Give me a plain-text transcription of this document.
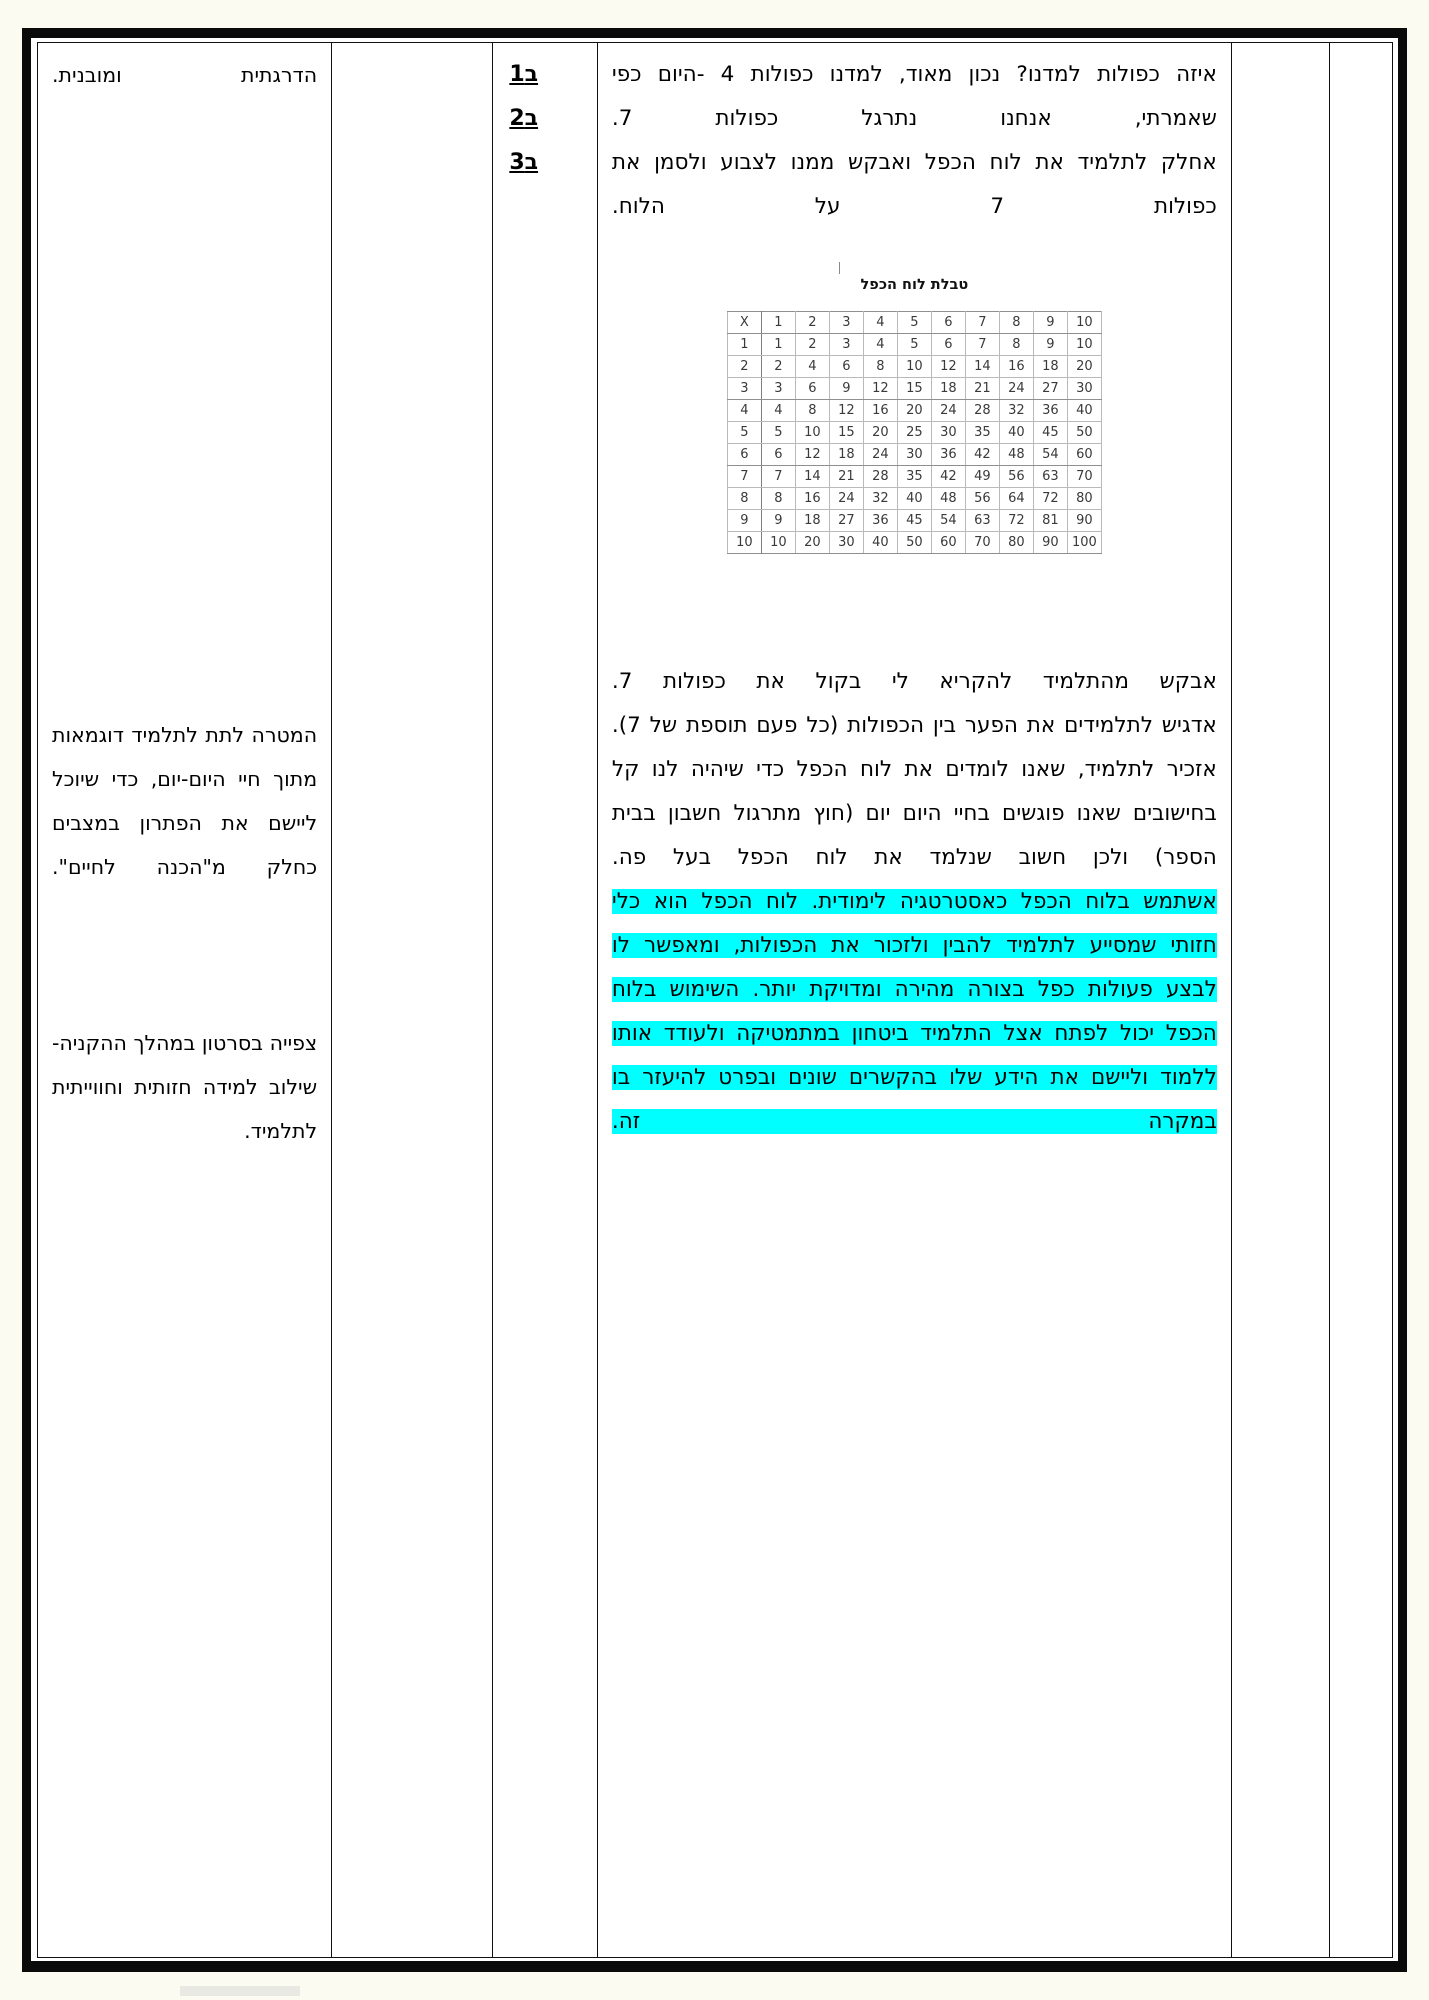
איזה כפולות למדנו? נכון מאוד, למדנו כפולות 4 -היום כפי שאמרתי, אנחנו נתרגל כפולות 7.

אחלק לתלמיד את לוח הכפל ואבקש ממנו לצבוע ולסמן את כפולות 7 על הלוח.

טבלת לוח הכפל
X	1	2	3	4	5	6	7	8	9	10
1	1	2	3	4	5	6	7	8	9	10
2	2	4	6	8	10	12	14	16	18	20
3	3	6	9	12	15	18	21	24	27	30
4	4	8	12	16	20	24	28	32	36	40
5	5	10	15	20	25	30	35	40	45	50
6	6	12	18	24	30	36	42	48	54	60
7	7	14	21	28	35	42	49	56	63	70
8	8	16	24	32	40	48	56	64	72	80
9	9	18	27	36	45	54	63	72	81	90
10	10	20	30	40	50	60	70	80	90	100

אבקש מהתלמיד להקריא לי בקול את כפולות 7.

אדגיש לתלמידים את הפער בין הכפולות (כל פעם תוספת של 7).

אזכיר לתלמיד, שאנו לומדים את לוח הכפל כדי שיהיה לנו קל בחישובים שאנו פוגשים בחיי היום יום (חוץ מתרגול חשבון בבית הספר) ולכן חשוב שנלמד את לוח הכפל בעל פה.

אשתמש בלוח הכפל כאסטרטגיה לימודית. לוח הכפל הוא כלי חזותי שמסייע לתלמיד להבין ולזכור את הכפולות, ומאפשר לו לבצע פעולות כפל בצורה מהירה ומדויקת יותר. השימוש בלוח הכפל יכול לפתח אצל התלמיד ביטחון במתמטיקה ולעודד אותו ללמוד וליישם את הידע שלו בהקשרים שונים ובפרט להיעזר בו במקרה זה.

ב1
ב2
ב3

הדרגתית ומובנית.

המטרה לתת לתלמיד דוגמאות מתוך חיי היום-יום, כדי שיוכל ליישם את הפתרון במצבים כחלק מ"הכנה לחיים".

צפייה בסרטון במהלך ההקניה- שילוב למידה חזותית וחווייתית לתלמיד.
